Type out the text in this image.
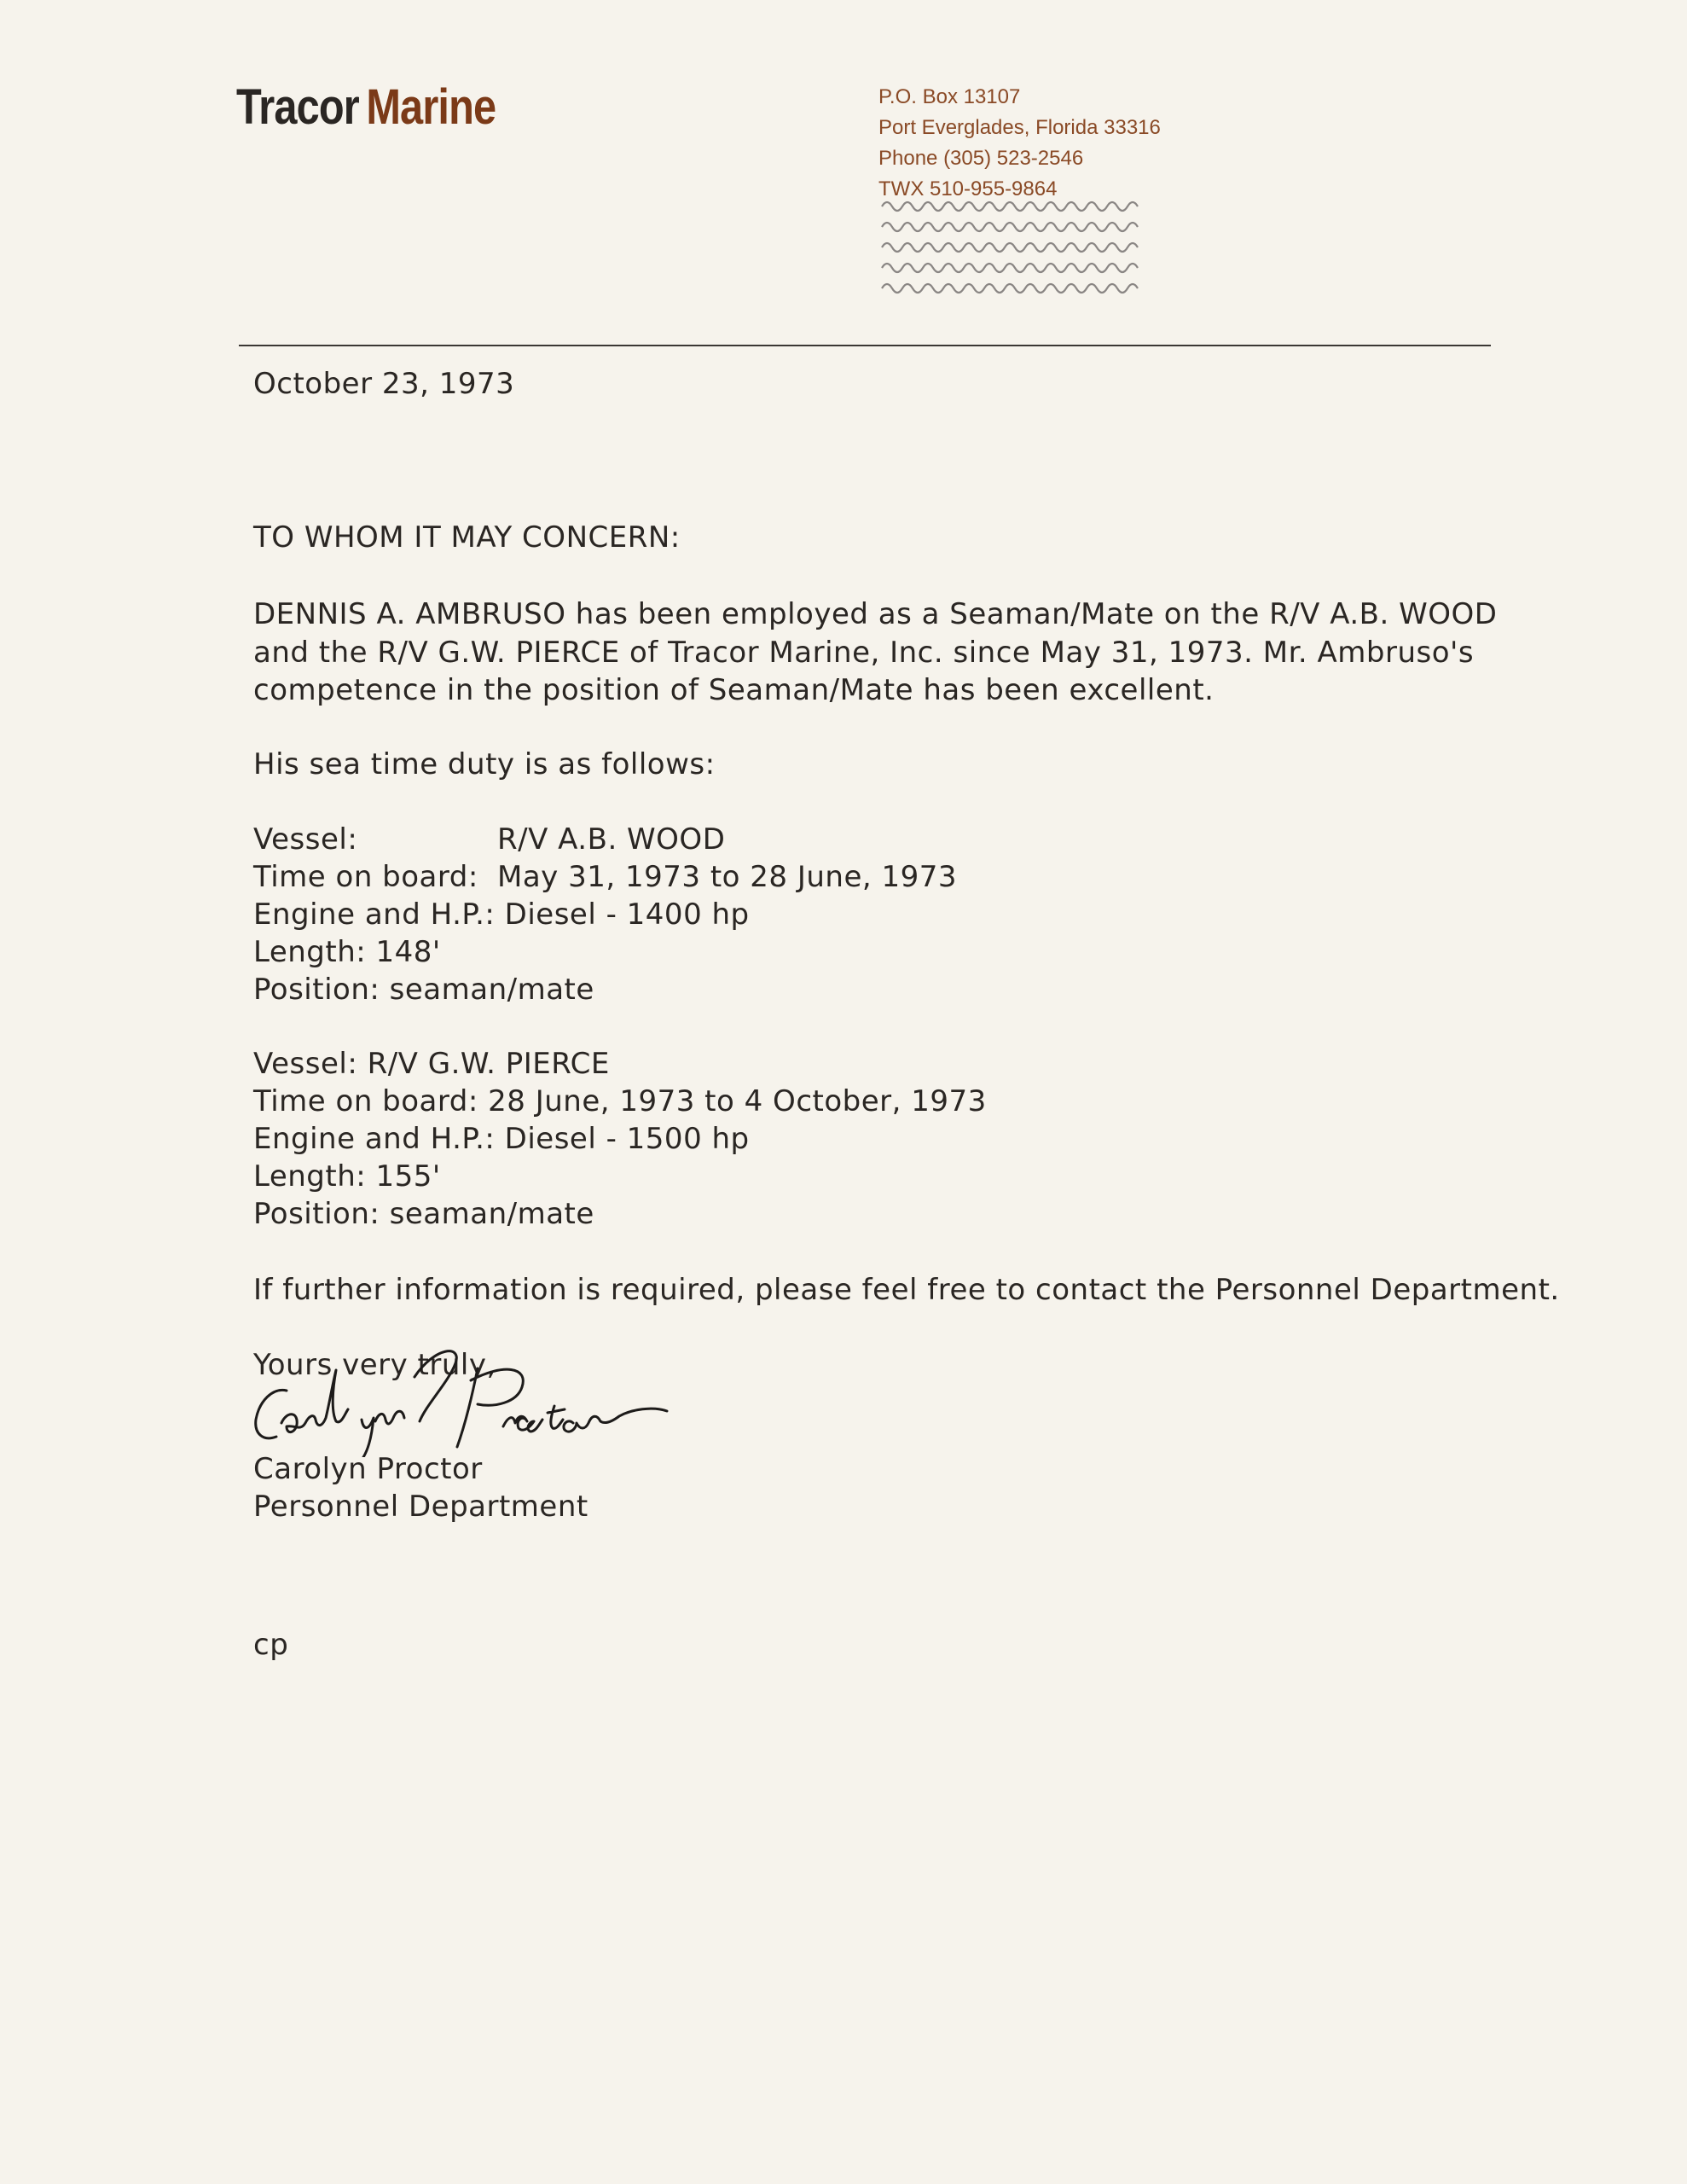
Tracor Marine	P.O. Box 13107
Port Everglades, Florida 33316
Phone (305) 523-2546
TWX 510-955-9864
October 23, 1973
TO WHOM IT MAY CONCERN:
DENNIS A. AMBRUSO has been employed as a Seaman/Mate on the R/V A.B. WOOD
and the R/V G.W. PIERCE of Tracor Marine, Inc. since May 31, 1973. Mr. Ambruso's
competence in the position of Seaman/Mate has been excellent.
His sea time duty is as follows:
Vessel:	R/V A.B. WOOD
Time on board: May 31, 1973 to 28 June, 1973
Engine and H.P.: Diesel - 1400 hp
Length: 148'
Position: seaman/mate
Vessel: R/V G.W. PIERCE
Time on board: 28 June, 1973 to 4 October, 1973
Engine and H.P.: Diesel - 1500 hp
Length: 155'
Position: seaman/mate
If further information is required, please feel free to contact the Personnel Department.
Yours very truly,
Carolyn Proctor
Personnel Department
cp
